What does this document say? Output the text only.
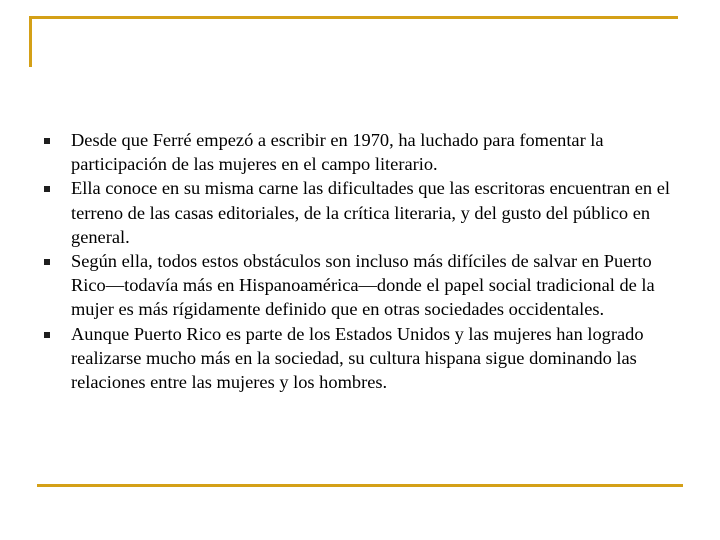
Desde que Ferré empezó a escribir en 1970, ha luchado para fomentar la participación de las mujeres en el campo literario.
Ella conoce en su misma carne las dificultades que las escritoras encuentran en el terreno de las casas editoriales, de la crítica literaria, y del gusto del público en general.
Según ella, todos estos obstáculos son incluso más difíciles de salvar en Puerto Rico—todavía más en Hispanoamérica—donde el papel social tradicional de la mujer es más rígidamente definido que en otras sociedades occidentales.
Aunque Puerto Rico es parte de los Estados Unidos y las mujeres han logrado realizarse mucho más en la sociedad, su cultura hispana sigue dominando las relaciones entre las mujeres y los hombres.
